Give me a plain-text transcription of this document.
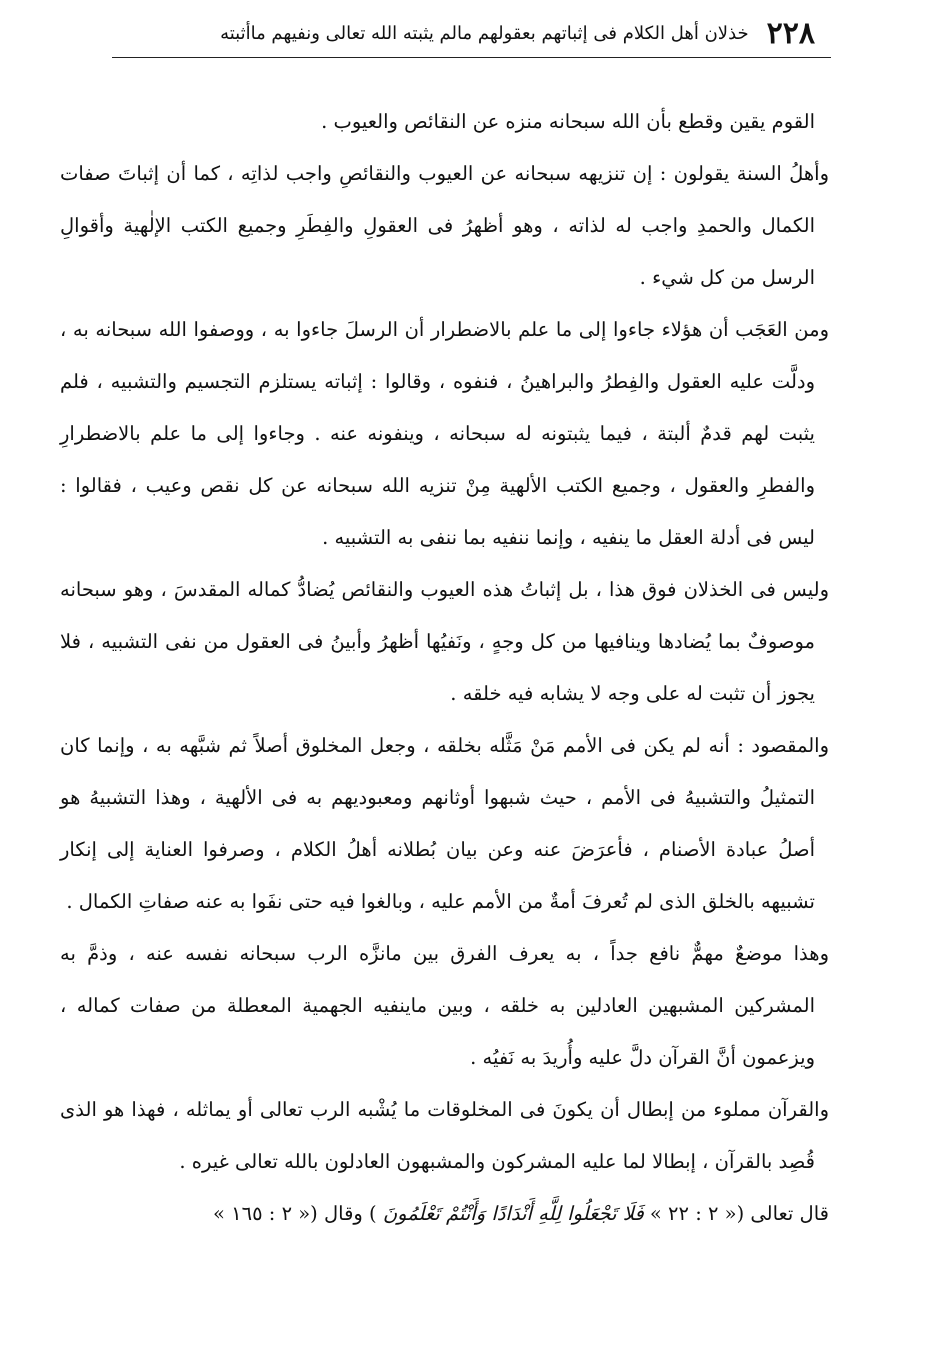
٢٢٨
خذلان أهل الكلام فى إثباتهم بعقولهم مالم يثبته الله تعالى ونفيهم ماأثبته

القوم يقين وقطع بأن الله سبحانه منزه عن النقائص والعيوب .

وأهلُ السنة يقولون : إن تنزيهه سبحانه عن العيوب والنقائصِ واجب لذاتِه ، كما أن إثباتَ صفات الكمال والحمدِ واجب له لذاته ، وهو أظهرُ فى العقولِ والفِطَرِ وجميع الكتب الإلٰهية وأقوالِ الرسل من كل شيء .

ومن العَجَب أن هؤلاء جاءوا إلى ما علم بالاضطرار أن الرسلَ جاءوا به ، ووصفوا الله سبحانه به ، ودلَّت عليه العقول والفِطرُ والبراهينُ ، فنفوه ، وقالوا : إثباته يستلزم التجسيم والتشبيه ، فلم يثبت لهم قدمٌ ألبتة ، فيما يثبتونه له سبحانه ، وينفونه عنه . وجاءوا إلى ما علم بالاضطرارِ والفطرِ والعقول ، وجميع الكتب الألهية مِنْ تنزيه الله سبحانه عن كل نقص وعيب ، فقالوا : ليس فى أدلة العقل ما ينفيه ، وإنما ننفيه بما ننفى به التشبيه .

وليس فى الخذلان فوق هذا ، بل إثباتُ هذه العيوب والنقائص يُضادُّ كماله المقدسَ ، وهو سبحانه موصوفٌ بما يُضادها وينافيها من كل وجهٍ ، ونَفيُها أظهرُ وأبينُ فى العقول من نفى التشبيه ، فلا يجوز أن تثبت له على وجه لا يشابه فيه خلقه .

والمقصود : أنه لم يكن فى الأمم مَنْ مَثَّله بخلقه ، وجعل المخلوق أصلاً ثم شبَّهه به ، وإنما كان التمثيلُ والتشبيهُ فى الأمم ، حيث شبهوا أوثانهم ومعبوديهم به فى الألهية ، وهذا التشبيهُ هو أصلُ عبادة الأصنام ، فأعرَضَ عنه وعن بيان بُطلانه أهلُ الكلام ، وصرفوا العناية إلى إنكار تشبيهه بالخلق الذى لم تُعرفَ أمةٌ من الأمم عليه ، وبالغوا فيه حتى نفَوا به عنه صفاتِ الكمال .

وهذا موضعٌ مهمٌّ نافع جداً ، به يعرف الفرق بين مانزَّه الرب سبحانه نفسه عنه ، وذمَّ به المشركين المشبهين العادلين به خلقه ، وبين ماينفيه الجهمية المعطلة من صفات كماله ، ويزعمون أنَّ القرآن دلَّ عليه وأُريدَ به نَفيُه .

والقرآن مملوء من إبطال أن يكونَ فى المخلوقات ما يُشْبه الرب تعالى أو يماثله ، فهذا هو الذى قُصِد بالقرآن ، إبطالا لما عليه المشركون والمشبهون العادلون بالله تعالى غيره .

قال تعالى (« ٢ : ٢٢ » فَلَا تَجْعَلُوا لِلَّهِ أَنْدَادًا وَأَنْتُمْ تَعْلَمُونَ ) وقال (« ٢ : ١٦٥ »
